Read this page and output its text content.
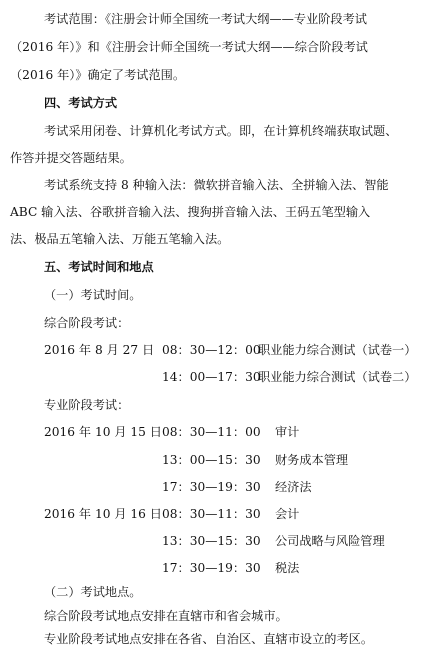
考试范围：《注册会计师全国统一考试大纲——专业阶段考试
（2016 年）》和《注册会计师全国统一考试大纲——综合阶段考试
（2016 年）》确定了考试范围。
四、考试方式
考试采用闭卷、计算机化考试方式。即，在计算机终端获取试题、
作答并提交答题结果。
考试系统支持 8 种输入法：微软拼音输入法、全拼输入法、智能
ABC 输入法、谷歌拼音输入法、搜狗拼音输入法、王码五笔型输入
法、极品五笔输入法、万能五笔输入法。
五、考试时间和地点
（一）考试时间。
综合阶段考试：
2016 年 8 月 27 日 08：30—12：00
职业能力综合测试（试卷一）
14：00—17：30
职业能力综合测试（试卷二）
专业阶段考试：
2016 年 10 月 15 日 08：30—11：00 审计
13：00—15：30 财务成本管理
17：30—19：30 经济法
2016 年 10 月 16 日 08：30—11：30 会计
13：30—15：30 公司战略与风险管理
17：30—19：30 税法
（二）考试地点。
综合阶段考试地点安排在直辖市和省会城市。
专业阶段考试地点安排在各省、自治区、直辖市设立的考区。
